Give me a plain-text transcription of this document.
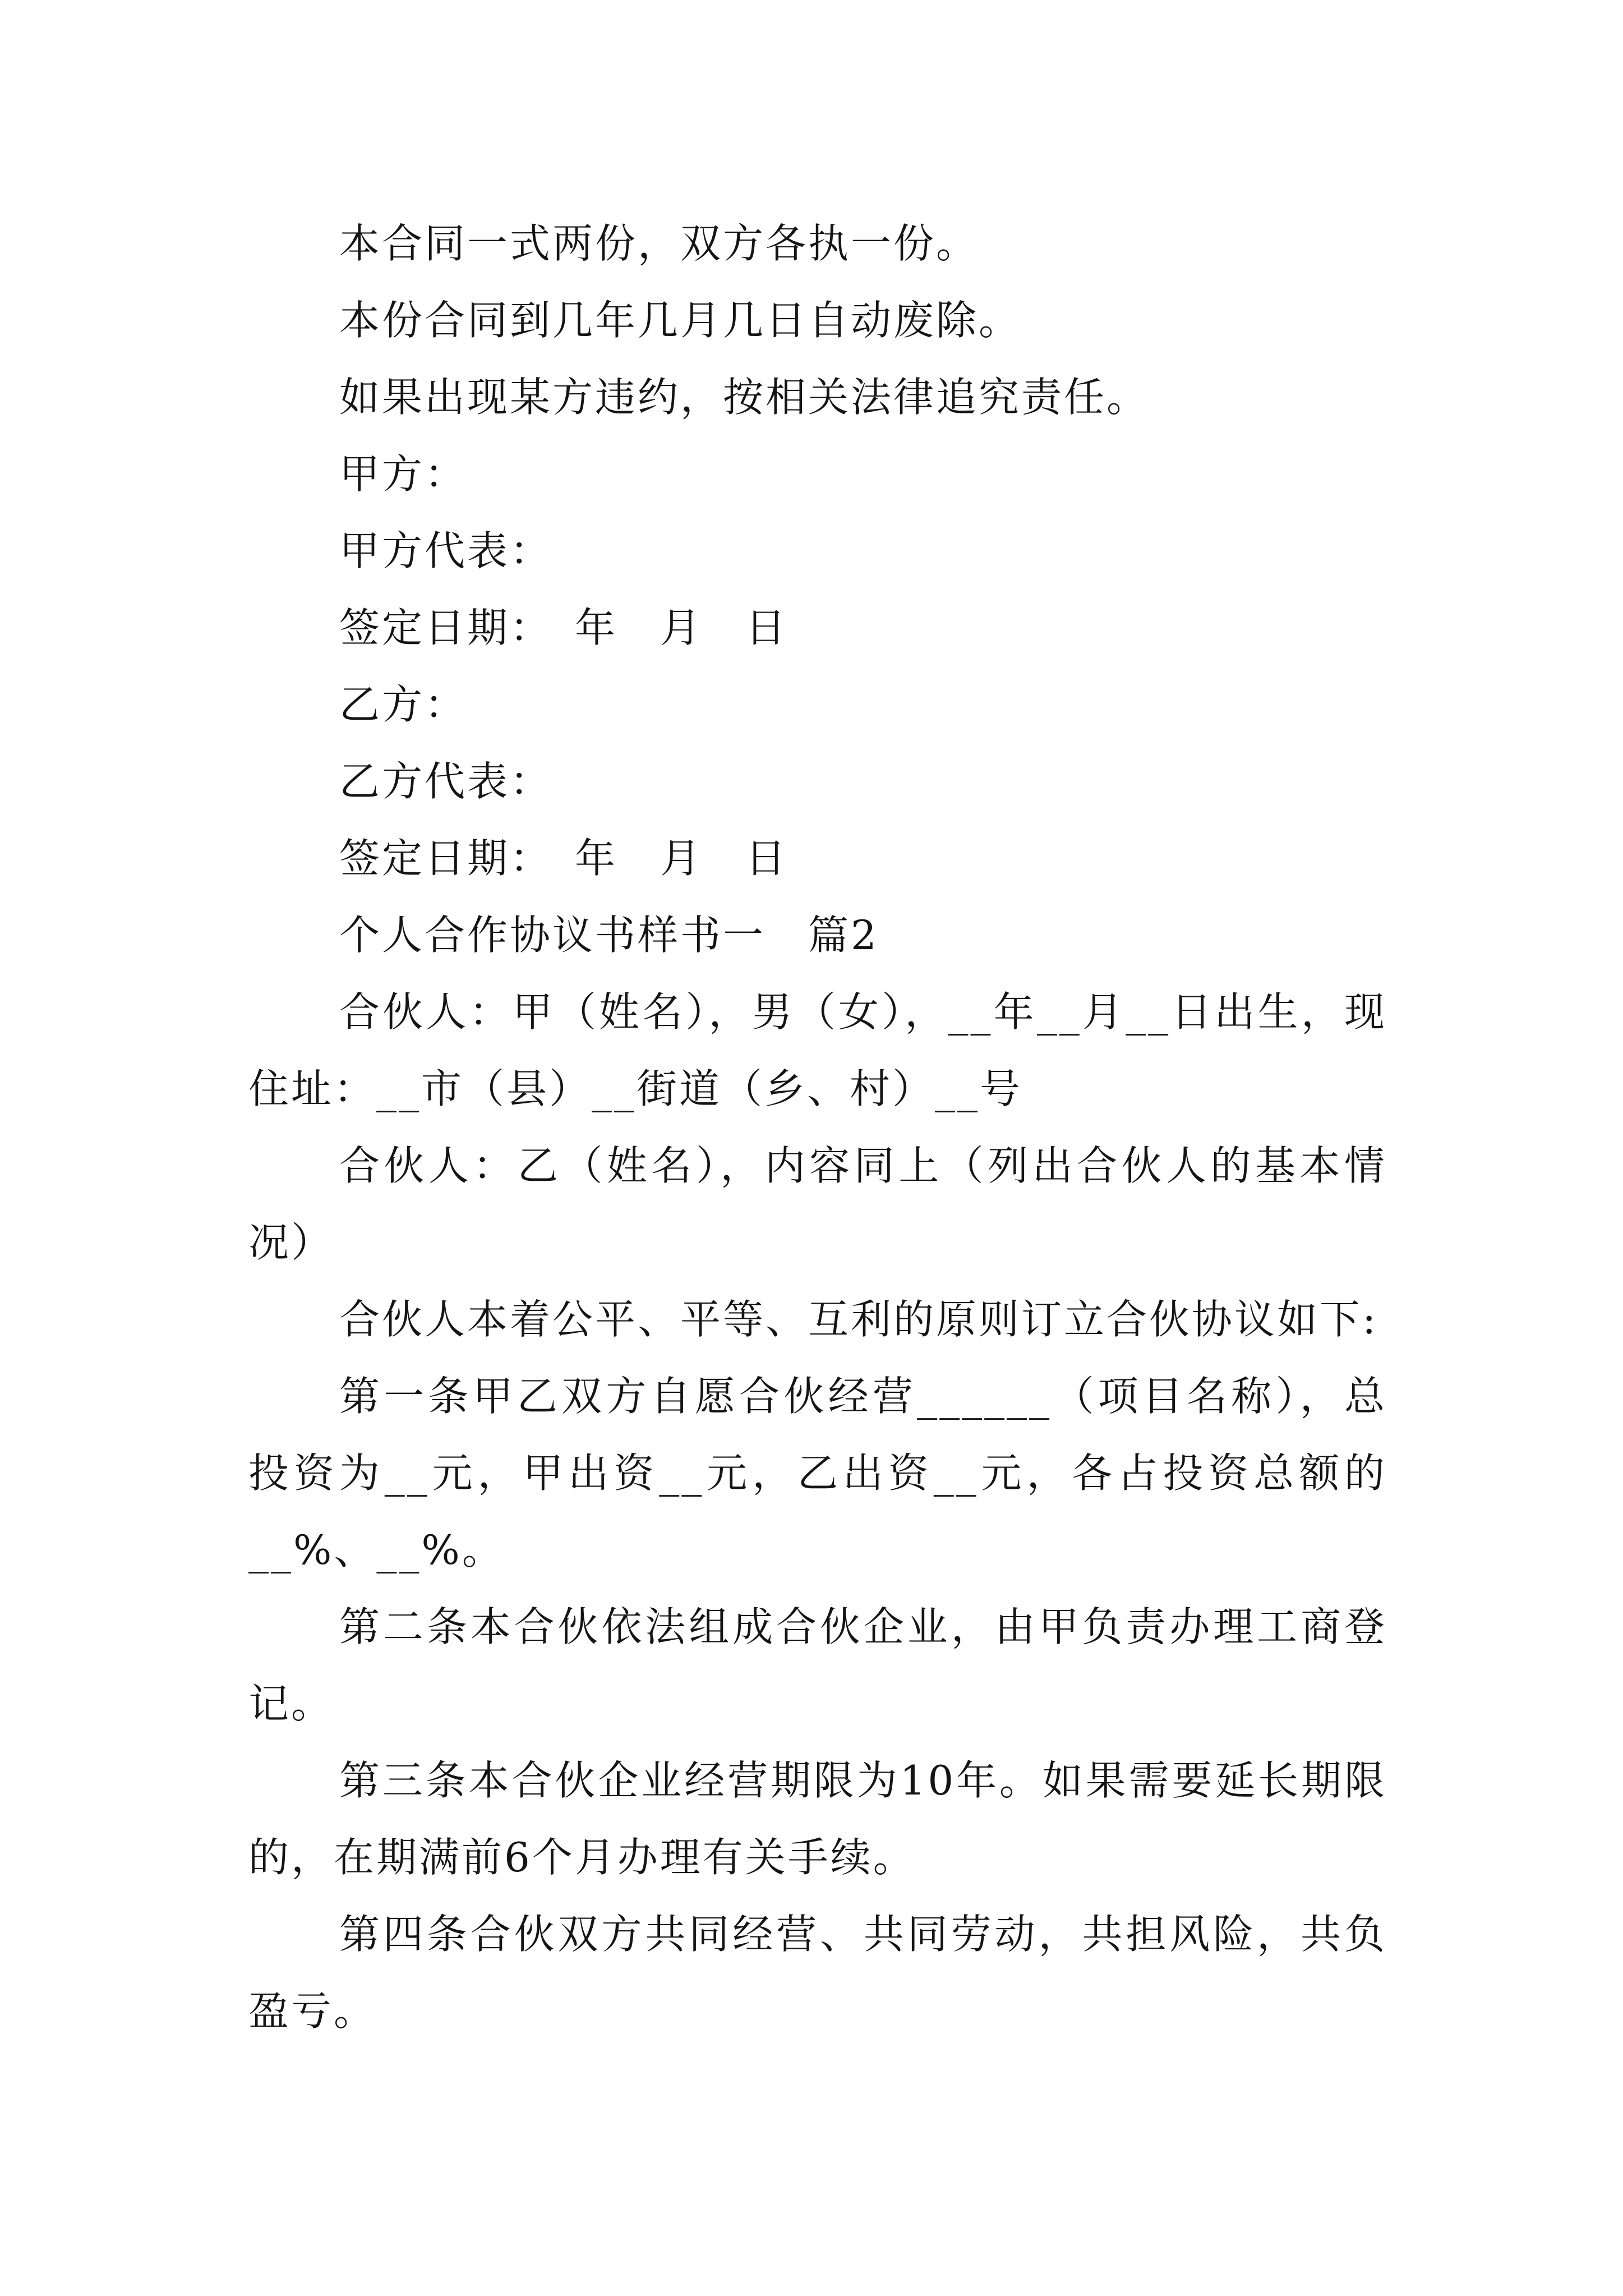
本合同一式两份，双方各执一份。

本份合同到几年几月几日自动废除。

如果出现某方违约，按相关法律追究责任。

甲方：

甲方代表：

签定日期：　年　月　日

乙方：

乙方代表：

签定日期：　年　月　日

个人合作协议书样书一　篇2

合伙人：甲（姓名），男（女），__年__月__日出生，现住址：__市（县）__街道（乡、村）__号

合伙人：乙（姓名），内容同上（列出合伙人的基本情况）

合伙人本着公平、平等、互利的原则订立合伙协议如下:

第一条甲乙双方自愿合伙经营______（项目名称），总投资为__元，甲出资__元，乙出资__元，各占投资总额的__%、__%。

第二条本合伙依法组成合伙企业，由甲负责办理工商登记。

第三条本合伙企业经营期限为10年。如果需要延长期限的，在期满前6个月办理有关手续。

第四条合伙双方共同经营、共同劳动，共担风险，共负盈亏。
